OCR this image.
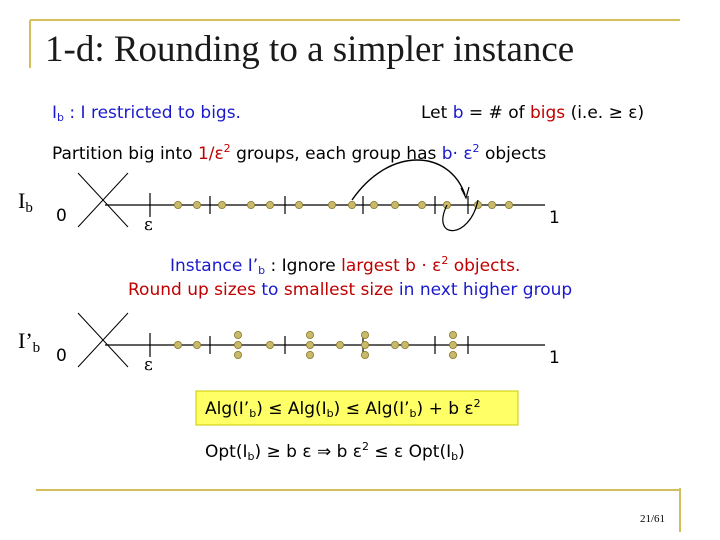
1-d: Rounding to a simpler instance
$I_b$ : I restricted to bigs.	Let b = # of bigs (i.e. ≥ ε)
Partition big into $1/\varepsilon^2$ groups, each group has $b\cdot \varepsilon^2$ objects
Ib 0	ε	1
Instance $I’_b$ : Ignore largest $b \cdot \varepsilon^2$ objects.
Round up sizes to smallest size in next higher group
I’b 0	ε	1
$Alg(I’_b) \le Alg(I_b)$ ≤ $Alg(I’_b) + b$ $\varepsilon^2$
$Opt(I_b) \ge b$ ε ⇒ b $\varepsilon^2 \le \varepsilon$ $Opt(I_b)$
21/61
